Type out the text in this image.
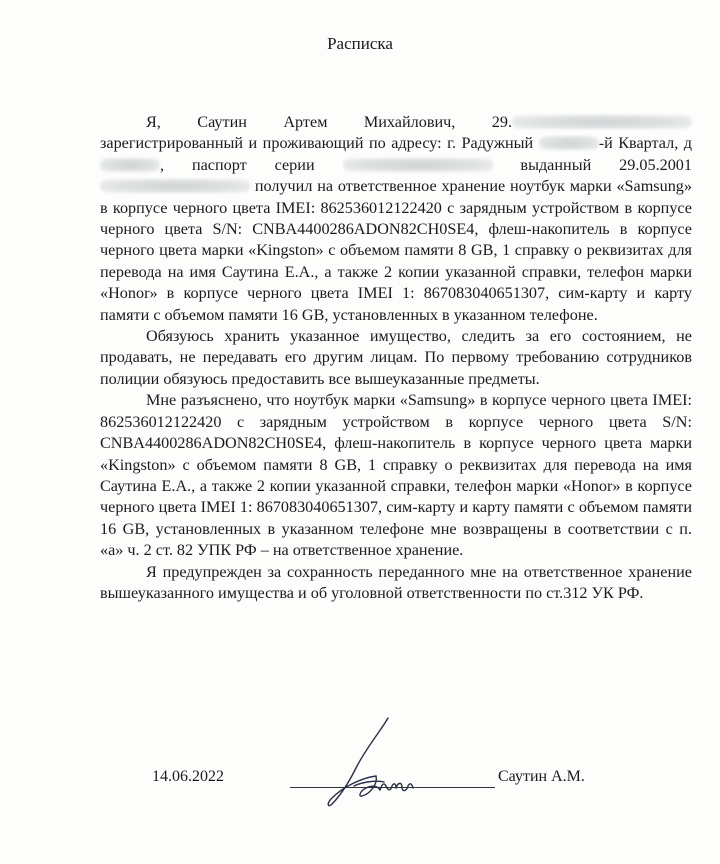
Расписка

Я, Саутин Артем Михайлович, 29. зарегистрированный и проживающий по адресу: г. Радужный	-й Квартал, д, паспорт серии	выданный 29.05.2001  получил на ответственное хранение ноутбук марки «Samsung» в корпусе черного цвета IMEI: 862536012122420 с зарядным устройством в корпусе черного цвета S/N: CNBA4400286ADON82CH0SE4, флеш-накопитель в корпусе черного цвета марки «Kingston» с объемом памяти 8 GB, 1 справку о реквизитах для перевода на имя Саутина Е.А., а также 2 копии указанной справки, телефон марки «Honor» в корпусе черного цвета IMEI 1: 867083040651307, сим-карту и карту памяти с объемом памяти 16 GB, установленных в указанном телефоне.

Обязуюсь хранить указанное имущество, следить за его состоянием, не продавать, не передавать его другим лицам. По первому требованию сотрудников полиции обязуюсь предоставить все вышеуказанные предметы.

Мне разъяснено, что ноутбук марки «Samsung» в корпусе черного цвета IMEI: 862536012122420 с зарядным устройством в корпусе черного цвета S/N: CNBA4400286ADON82CH0SE4, флеш-накопитель в корпусе черного цвета марки «Kingston» с объемом памяти 8 GB, 1 справку о реквизитах для перевода на имя Саутина Е.А., а также 2 копии указанной справки, телефон марки «Honor» в корпусе черного цвета IMEI 1: 867083040651307, сим-карту и карту памяти с объемом памяти 16 GB, установленных в указанном телефоне мне возвращены в соответствии с п. «а» ч. 2 ст. 82 УПК РФ – на ответственное хранение.

Я предупрежден за сохранность переданного мне на ответственное хранение вышеуказанного имущества и об уголовной ответственности по ст.312 УК РФ.

14.06.2022	Саутин А.М.
